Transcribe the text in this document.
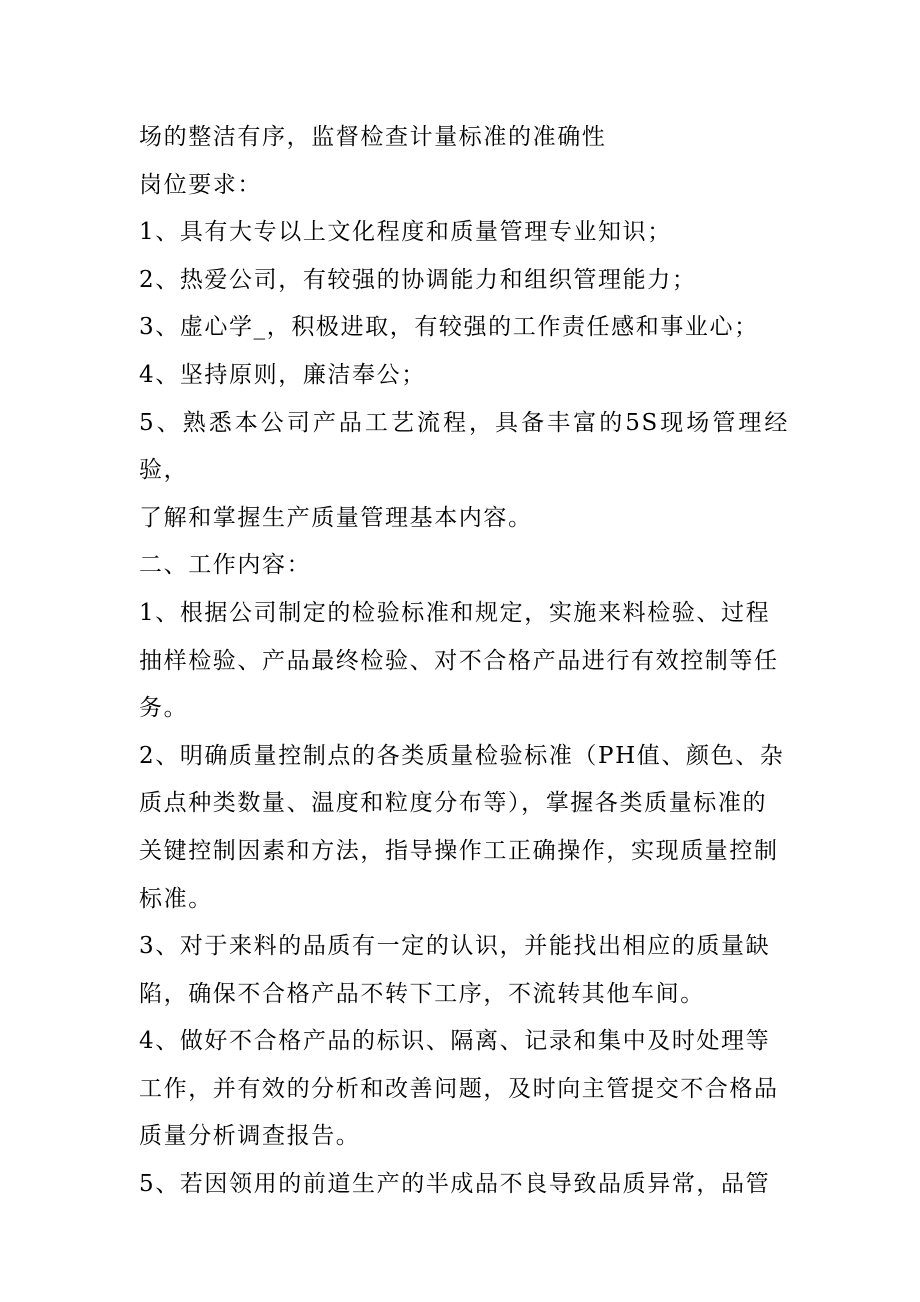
场的整洁有序，监督检查计量标准的准确性

岗位要求：

1、具有大专以上文化程度和质量管理专业知识；

2、热爱公司，有较强的协调能力和组织管理能力；

3、虚心学_，积极进取，有较强的工作责任感和事业心；

4、坚持原则，廉洁奉公；

5、熟悉本公司产品工艺流程，具备丰富的5S现场管理经验，
了解和掌握生产质量管理基本内容。

二、工作内容：

1、根据公司制定的检验标准和规定，实施来料检验、过程
抽样检验、产品最终检验、对不合格产品进行有效控制等任
务。

2、明确质量控制点的各类质量检验标准（PH值、颜色、杂
质点种类数量、温度和粒度分布等），掌握各类质量标准的
关键控制因素和方法，指导操作工正确操作，实现质量控制
标准。

3、对于来料的品质有一定的认识，并能找出相应的质量缺
陷，确保不合格产品不转下工序，不流转其他车间。

4、做好不合格产品的标识、隔离、记录和集中及时处理等
工作，并有效的分析和改善问题，及时向主管提交不合格品
质量分析调查报告。

5、若因领用的前道生产的半成品不良导致品质异常，品管
